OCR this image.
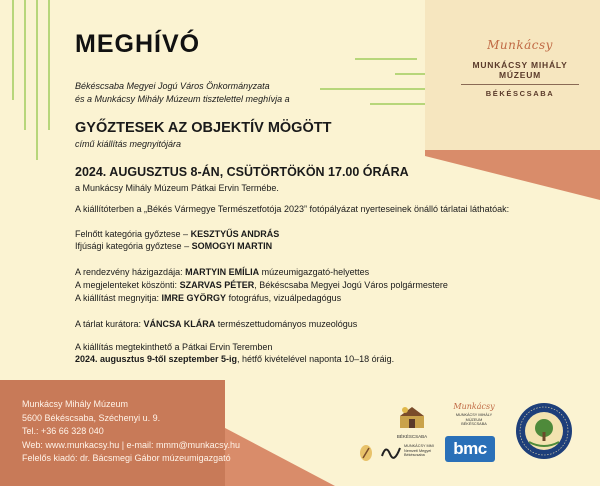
Munkácsy
MUNKÁCSY MIHÁLY MÚZEUM
BÉKÉSCSABA
MEGHÍVÓ
Békéscsaba Megyei Jogú Város Önkormányzata
és a Munkácsy Mihály Múzeum tisztelettel meghívja a
GYŐZTESEK AZ OBJEKTÍV MÖGÖTT
című kiállítás megnyitójára
2024. AUGUSZTUS 8-ÁN, CSÜTÖRTÖKÖN 17.00 ÓRÁRA
a Munkácsy Mihály Múzeum Pátkai Ervin Termébe.
A kiállítóterben a „Békés Vármegye Természetfotója 2023” fotópályázat nyerteseinek önálló tárlatai láthatóak:
Felnőtt kategória győztese – KESZTYŰS ANDRÁS
Ifjúsági kategória győztese – SOMOGYI MARTIN
A rendezvény házigazdája: MARTYIN EMÍLIA múzeumigazgató-helyettes
A megjelenteket köszönti: SZARVAS PÉTER, Békéscsaba Megyei Jogú Város polgármestere
A kiállítást megnyitja: IMRE GYÖRGY fotográfus, vizuálpedagógus
A tárlat kurátora: VÁNCSA KLÁRA természettudományos muzeológus
A kiállítás megtekinthető a Pátkai Ervin Teremben
2024. augusztus 9-től szeptember 5-ig, hétfő kivételével naponta 10–18 óráig.
Munkácsy Mihály Múzeum
5600 Békéscsaba, Széchenyi u. 9.
Tel.: +36 66 328 040
Web: www.munkacsy.hu | e-mail: mmm@munkacsy.hu
Felelős kiadó: dr. Bácsmegi Gábor múzeumigazgató
BÉKÉSCSABA
Munkácsy
MUNKÁCSY MIHÁLY MÚZEUM
BÉKÉSCSABA
MUNKÁCSY MMI
Nemzeti Megyei
Békéscsaba	bmc
